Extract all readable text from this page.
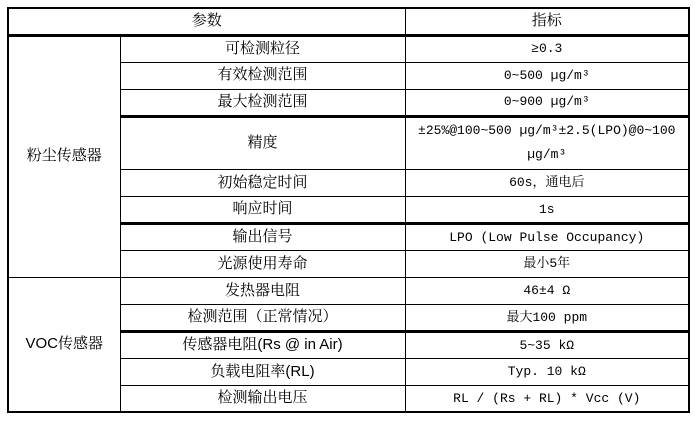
参数		指标
粉尘传感器	可检测粒径	≥0.3
	有效检测范围	0~500 µg/m³
	最大检测范围	0~900 µg/m³
	精度	±25%@100~500 µg/m³±2.5(LPO)@0~100 µg/m³
	初始稳定时间	60s，通电后
	响应时间	1s
	输出信号	LPO (Low Pulse Occupancy)
	光源使用寿命	最小5年
VOC传感器	发热器电阻	46±4 Ω
	检测范围（正常情况）	最大100 ppm
	传感器电阻(Rs @ in Air)	5~35 kΩ
	负载电阻率(RL)	Typ. 10 kΩ
	检测输出电压	RL / (Rs + RL) * Vcc (V)
